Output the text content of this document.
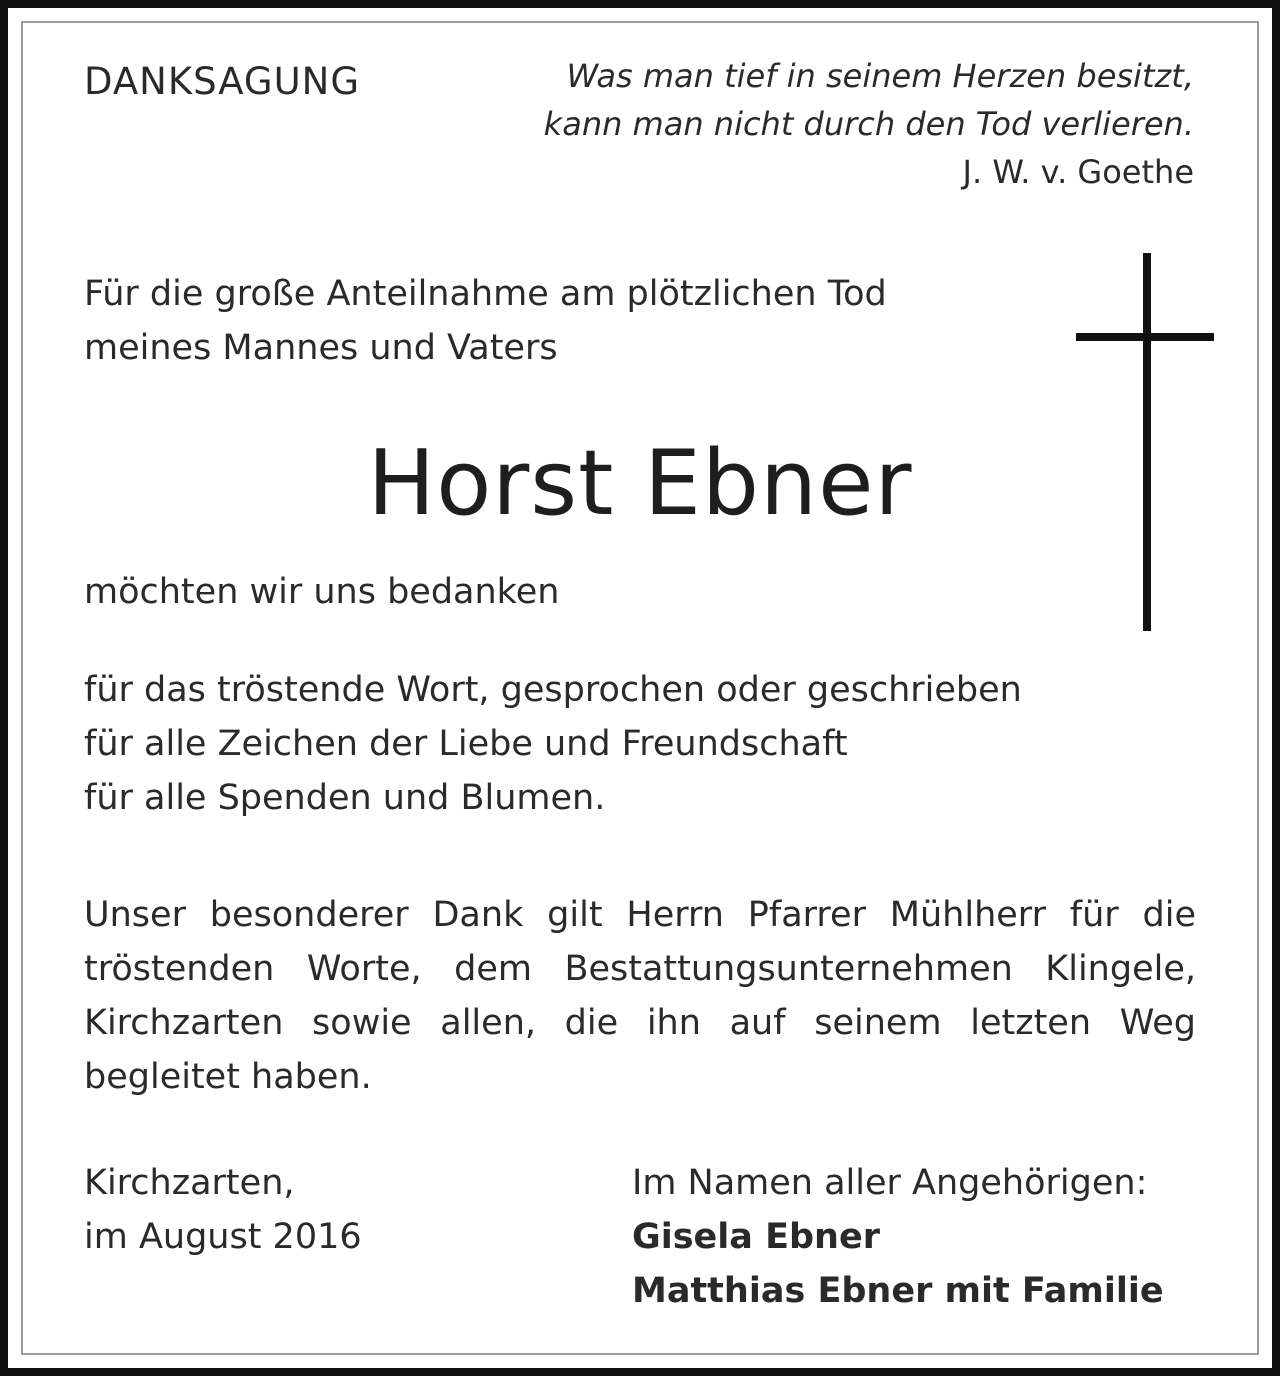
DANKSAGUNG	Was man tief in seinem Herzen besitzt,
kann man nicht durch den Tod verlieren.
J. W. v. Goethe
Für die große Anteilnahme am plötzlichen Tod
meines Mannes und Vaters
Horst Ebner
möchten wir uns bedanken
für das tröstende Wort, gesprochen oder geschrieben
für alle Zeichen der Liebe und Freundschaft
für alle Spenden und Blumen.
Unser besonderer Dank gilt Herrn Pfarrer Mühlherr für die
tröstenden Worte, dem Bestattungsunternehmen Klingele,
Kirchzarten sowie allen, die ihn auf seinem letzten Weg
begleitet haben.
Kirchzarten,
im August 2016
Im Namen aller Angehörigen:
Gisela Ebner
Matthias Ebner mit Familie
